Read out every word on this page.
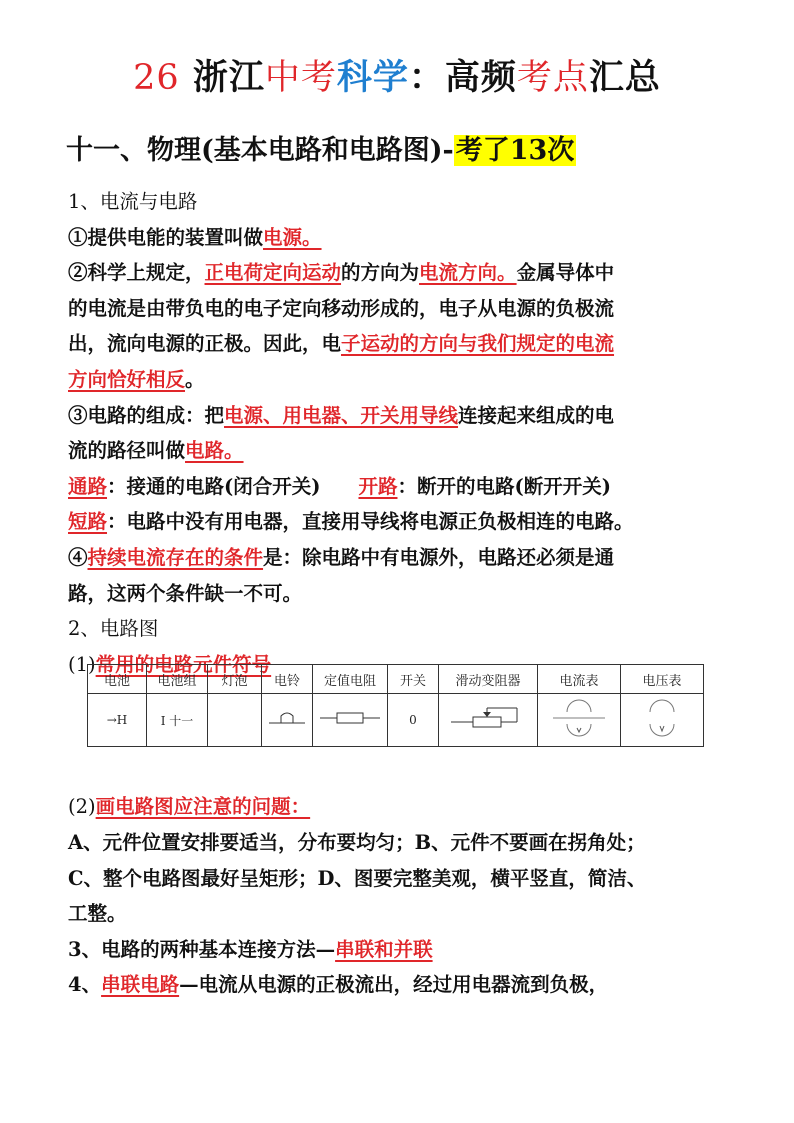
26 浙江中考科学：高频考点汇总
十一、物理(基本电路和电路图)-考了13次
1、电流与电路
①提供电能的装置叫做电源。
②科学上规定，正电荷定向运动的方向为电流方向。金属导体中
的电流是由带负电的电子定向移动形成的，电子从电源的负极流
出，流向电源的正极。因此，电子运动的方向与我们规定的电流
方向恰好相反。
③电路的组成：把电源、用电器、开关用导线连接起来组成的电
流的路径叫做电路。
通路：接通的电路(闭合开关) 开路：断开的电路(断开开关)
短路：电路中没有用电器，直接用导线将电源正负极相连的电路。
④持续电流存在的条件是：除电路中有电源外，电路还必须是通
路，这两个条件缺一不可。
2、电路图
(1)常用的电路元件符号
(2)画电路图应注意的问题：
A、元件位置安排要适当，分布要均匀；B、元件不要画在拐角处；
C、整个电路图最好呈矩形；D、图要完整美观，横平竖直，简洁、
工整。
3、电路的两种基本连接方法—串联和并联
4、串联电路—电流从电源的正极流出，经过用电器流到负极，
电池	电池组	灯泡	电铃	定值电阻	开关	滑动变阻器	电流表	电压表
→H	I 十一				0			
